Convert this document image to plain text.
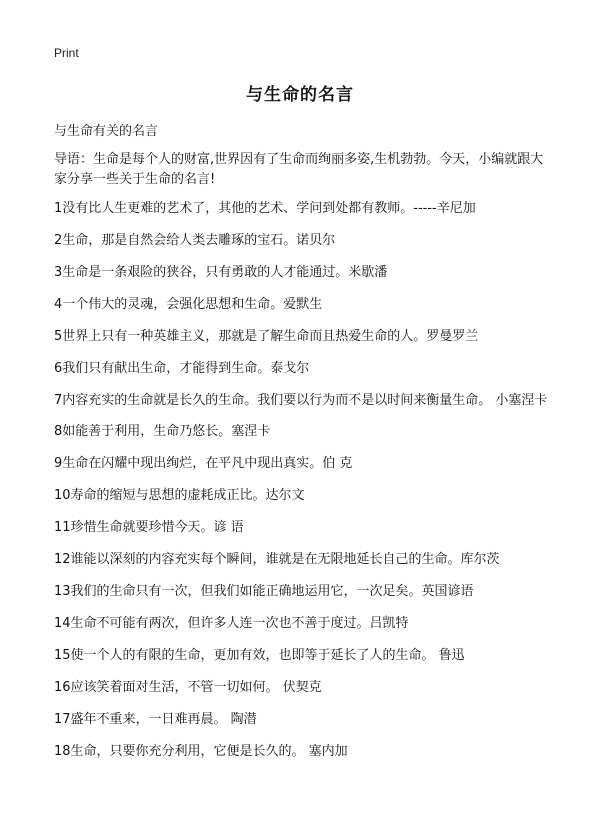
Print
与生命的名言

与生命有关的名言

导语：生命是每个人的财富,世界因有了生命而绚丽多姿,生机勃勃。今天，小编就跟大家分享一些关于生命的名言!

1没有比人生更难的艺术了，其他的艺术、学问到处都有教师。-----辛尼加
2生命，那是自然会给人类去雕琢的宝石。诺贝尔
3生命是一条艰险的狭谷，只有勇敢的人才能通过。米歇潘
4一个伟大的灵魂，会强化思想和生命。爱默生
5世界上只有一种英雄主义，那就是了解生命而且热爱生命的人。罗曼罗兰
6我们只有献出生命，才能得到生命。泰戈尔
7内容充实的生命就是长久的生命。我们要以行为而不是以时间来衡量生命。 小塞涅卡
8如能善于利用，生命乃悠长。塞涅卡
9生命在闪耀中现出绚烂，在平凡中现出真实。伯 克
10寿命的缩短与思想的虚耗成正比。达尔文
11珍惜生命就要珍惜今天。谚 语
12谁能以深刻的内容充实每个瞬间，谁就是在无限地延长自己的生命。库尔茨
13我们的生命只有一次，但我们如能正确地运用它，一次足矣。英国谚语
14生命不可能有两次，但许多人连一次也不善于度过。吕凯特
15使一个人的有限的生命，更加有效，也即等于延长了人的生命。 鲁迅
16应该笑着面对生活，不管一切如何。 伏契克
17盛年不重来，一日难再晨。 陶潜
18生命，只要你充分利用，它便是长久的。 塞内加
